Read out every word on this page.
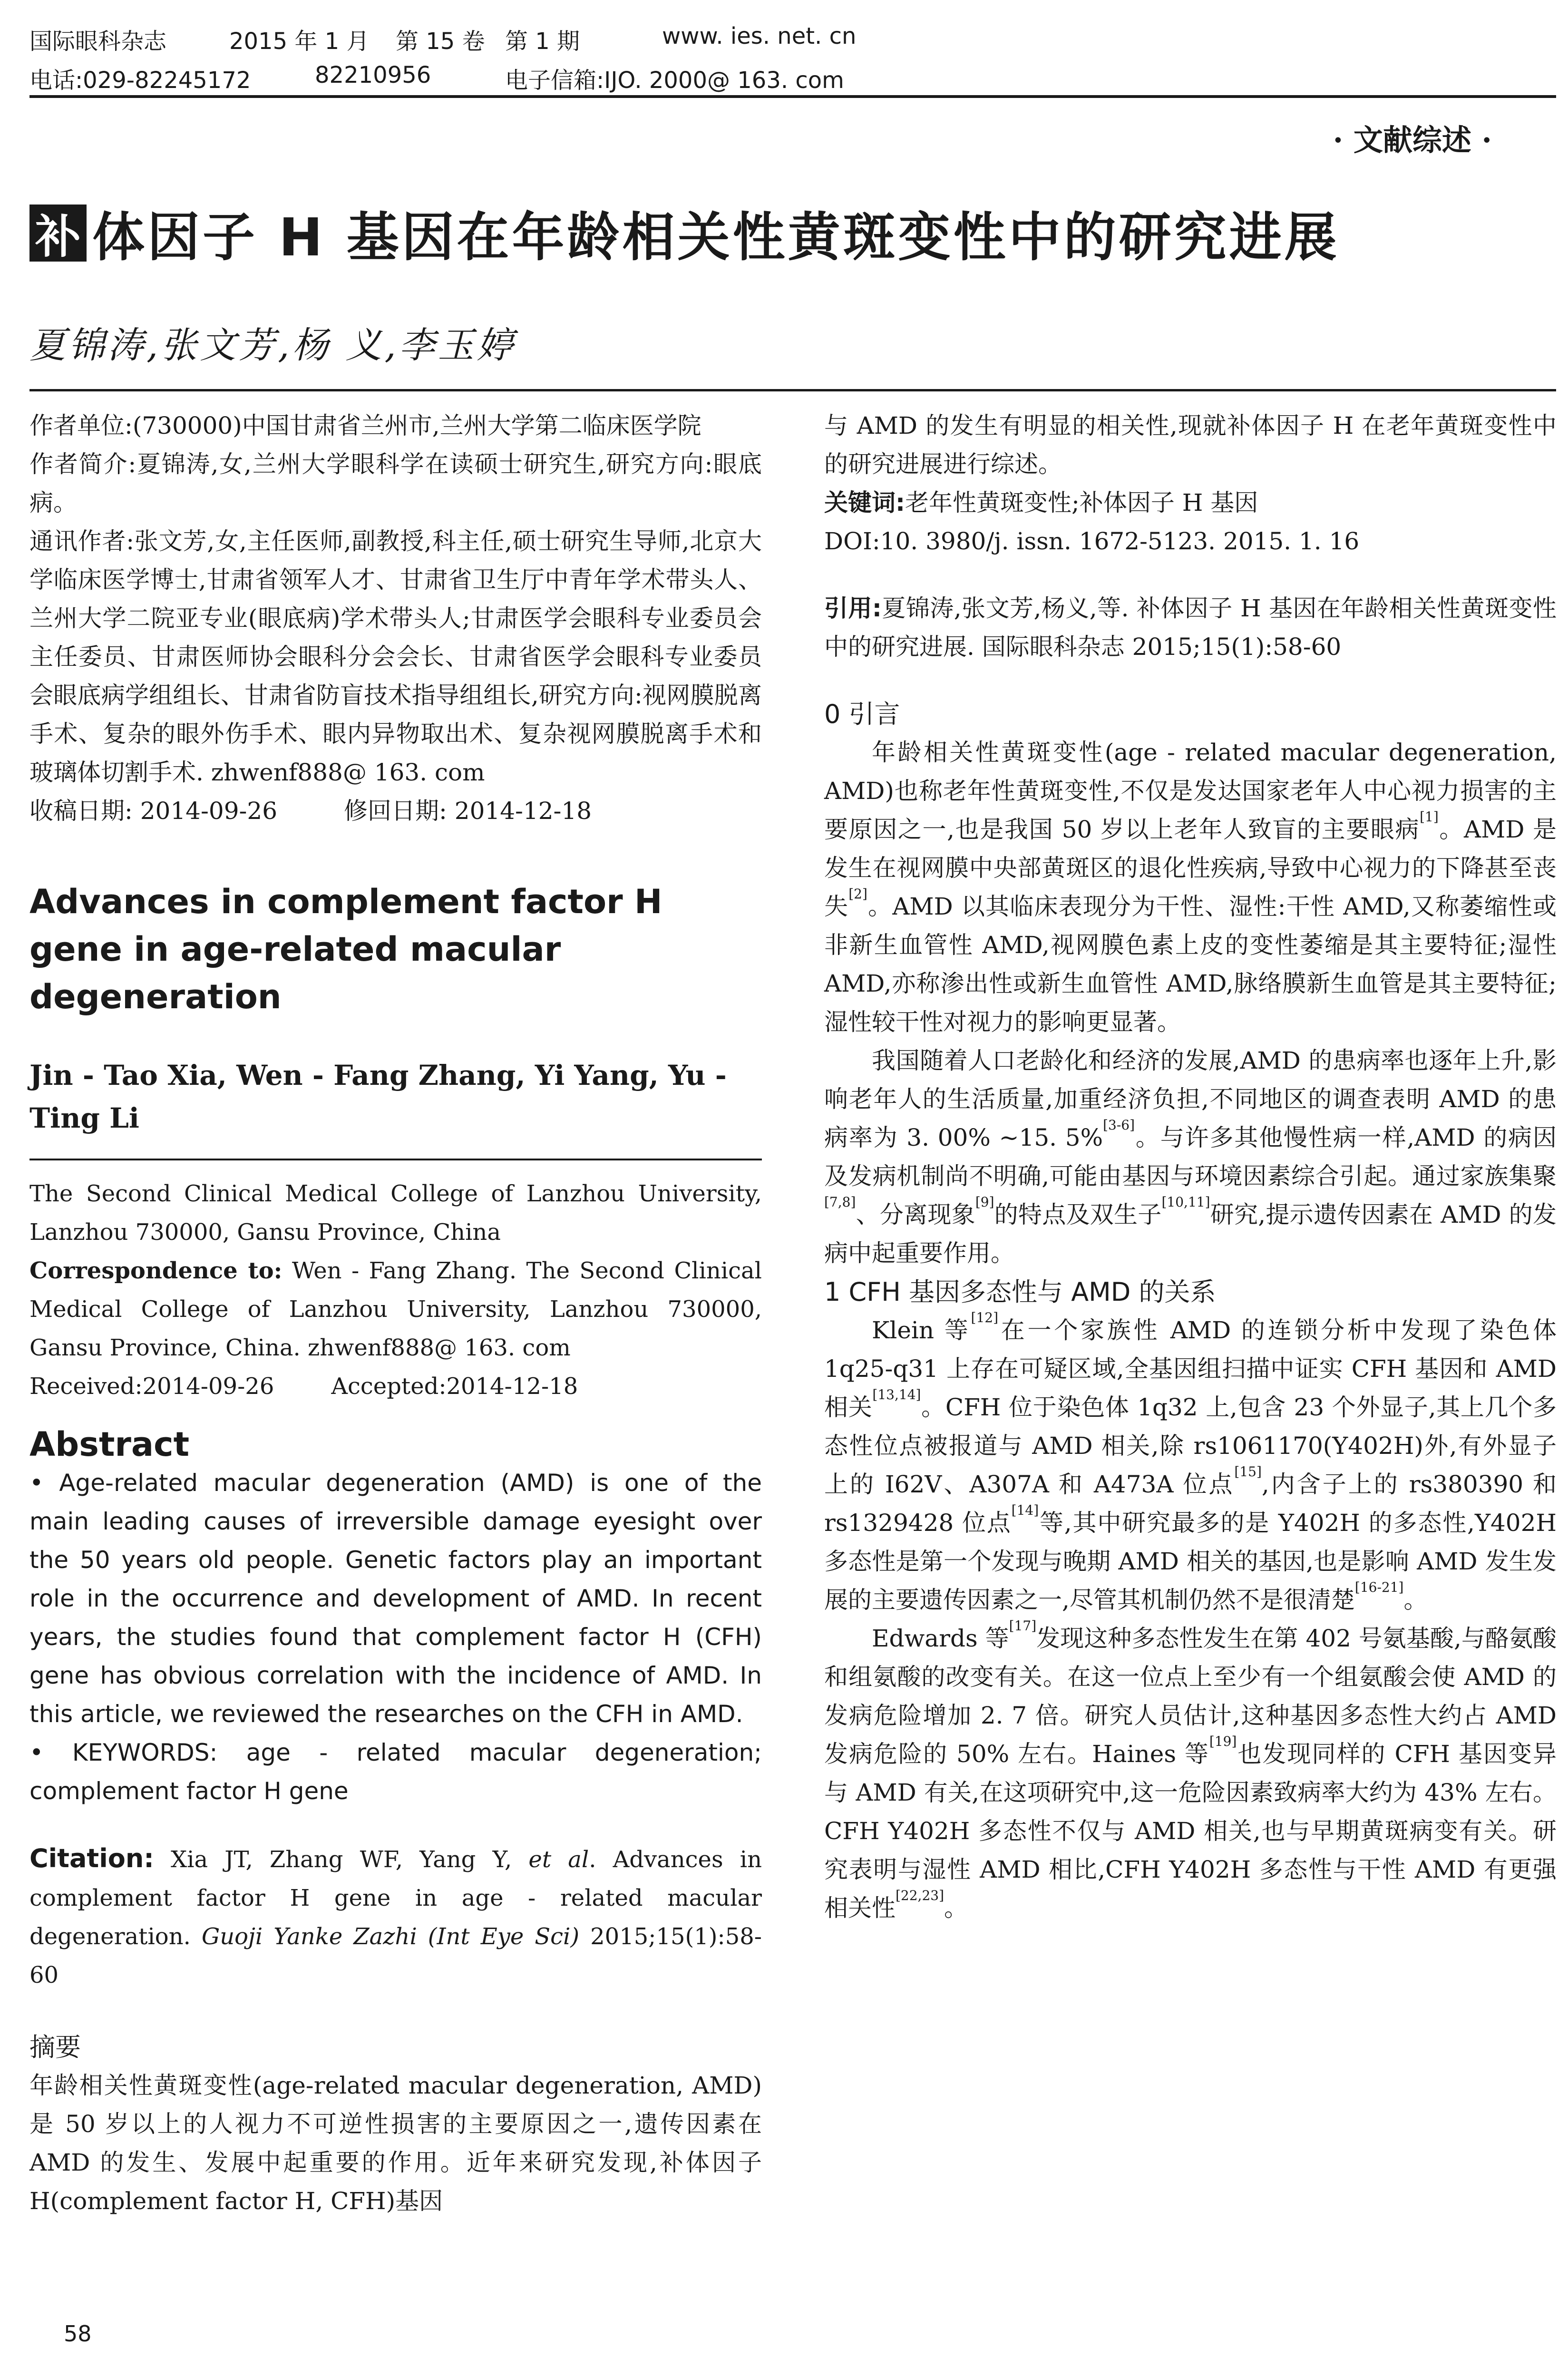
国际眼科杂志	2015 年 1 月 第 15 卷 第 1 期	www. ies. net. cn
电话:029-82245172	82210956	电子信箱:IJO. 2000@ 163. com
· 文献综述 ·
补 体因子 H 基因在年龄相关性黄斑变性中的研究进展
夏锦涛,张文芳,杨 义,李玉婷

作者单位:(730000)中国甘肃省兰州市,兰州大学第二临床医学院

作者简介:夏锦涛,女,兰州大学眼科学在读硕士研究生,研究方向:眼底病。

通讯作者:张文芳,女,主任医师,副教授,科主任,硕士研究生导师,北京大学临床医学博士,甘肃省领军人才、甘肃省卫生厅中青年学术带头人、兰州大学二院亚专业(眼底病)学术带头人;甘肃医学会眼科专业委员会主任委员、甘肃医师协会眼科分会会长、甘肃省医学会眼科专业委员会眼底病学组组长、甘肃省防盲技术指导组组长,研究方向:视网膜脱离手术、复杂的眼外伤手术、眼内异物取出术、复杂视网膜脱离手术和玻璃体切割手术. zhwenf888@ 163. com

收稿日期: 2014-09-26	修回日期: 2014-12-18

Advances in complement factor H gene in age-related macular degeneration

Jin - Tao Xia, Wen - Fang Zhang, Yi Yang, Yu - Ting Li

The Second Clinical Medical College of Lanzhou University, Lanzhou 730000, Gansu Province, China

Correspondence to: Wen - Fang Zhang. The Second Clinical Medical College of Lanzhou University, Lanzhou 730000, Gansu Province, China. zhwenf888@ 163. com

Received:2014-09-26	Accepted:2014-12-18

Abstract

• Age-related macular degeneration (AMD) is one of the main leading causes of irreversible damage eyesight over the 50 years old people. Genetic factors play an important role in the occurrence and development of AMD. In recent years, the studies found that complement factor H (CFH) gene has obvious correlation with the incidence of AMD. In this article, we reviewed the researches on the CFH in AMD.

• KEYWORDS: age - related macular degeneration; complement factor H gene

Citation: Xia JT, Zhang WF, Yang Y, et al. Advances in complement factor H gene in age - related macular degeneration. Guoji Yanke Zazhi (Int Eye Sci) 2015;15(1):58-60

摘要

年龄相关性黄斑变性(age-related macular degeneration, AMD)是 50 岁以上的人视力不可逆性损害的主要原因之一,遗传因素在 AMD 的发生、发展中起重要的作用。近年来研究发现,补体因子 H(complement factor H, CFH)基因

与 AMD 的发生有明显的相关性,现就补体因子 H 在老年黄斑变性中的研究进展进行综述。

关键词:老年性黄斑变性;补体因子 H 基因

DOI:10. 3980/j. issn. 1672-5123. 2015. 1. 16

引用:夏锦涛,张文芳,杨义,等. 补体因子 H 基因在年龄相关性黄斑变性中的研究进展. 国际眼科杂志 2015;15(1):58-60

0 引言

年龄相关性黄斑变性(age - related macular degeneration, AMD)也称老年性黄斑变性,不仅是发达国家老年人中心视力损害的主要原因之一,也是我国 50 岁以上老年人致盲的主要眼病[1]。AMD 是发生在视网膜中央部黄斑区的退化性疾病,导致中心视力的下降甚至丧失[2]。AMD 以其临床表现分为干性、湿性:干性 AMD,又称萎缩性或非新生血管性 AMD,视网膜色素上皮的变性萎缩是其主要特征;湿性 AMD,亦称渗出性或新生血管性 AMD,脉络膜新生血管是其主要特征;湿性较干性对视力的影响更显著。

我国随着人口老龄化和经济的发展,AMD 的患病率也逐年上升,影响老年人的生活质量,加重经济负担,不同地区的调查表明 AMD 的患病率为 3. 00% ~15. 5%[3-6]。与许多其他慢性病一样,AMD 的病因及发病机制尚不明确,可能由基因与环境因素综合引起。通过家族集聚[7,8]、分离现象[9]的特点及双生子[10,11]研究,提示遗传因素在 AMD 的发病中起重要作用。

1 CFH 基因多态性与 AMD 的关系

Klein 等[12]在一个家族性 AMD 的连锁分析中发现了染色体 1q25-q31 上存在可疑区域,全基因组扫描中证实 CFH 基因和 AMD 相关[13,14]。CFH 位于染色体 1q32 上,包含 23 个外显子,其上几个多态性位点被报道与 AMD 相关,除 rs1061170(Y402H)外,有外显子上的 I62V、A307A 和 A473A 位点[15],内含子上的 rs380390 和 rs1329428 位点[14]等,其中研究最多的是 Y402H 的多态性,Y402H 多态性是第一个发现与晚期 AMD 相关的基因,也是影响 AMD 发生发展的主要遗传因素之一,尽管其机制仍然不是很清楚[16-21]。

Edwards 等[17]发现这种多态性发生在第 402 号氨基酸,与酪氨酸和组氨酸的改变有关。在这一位点上至少有一个组氨酸会使 AMD 的发病危险增加 2. 7 倍。研究人员估计,这种基因多态性大约占 AMD 发病危险的 50% 左右。Haines 等[19]也发现同样的 CFH 基因变异与 AMD 有关,在这项研究中,这一危险因素致病率大约为 43% 左右。CFH Y402H 多态性不仅与 AMD 相关,也与早期黄斑病变有关。研究表明与湿性 AMD 相比,CFH Y402H 多态性与干性 AMD 有更强相关性[22,23]。

58
